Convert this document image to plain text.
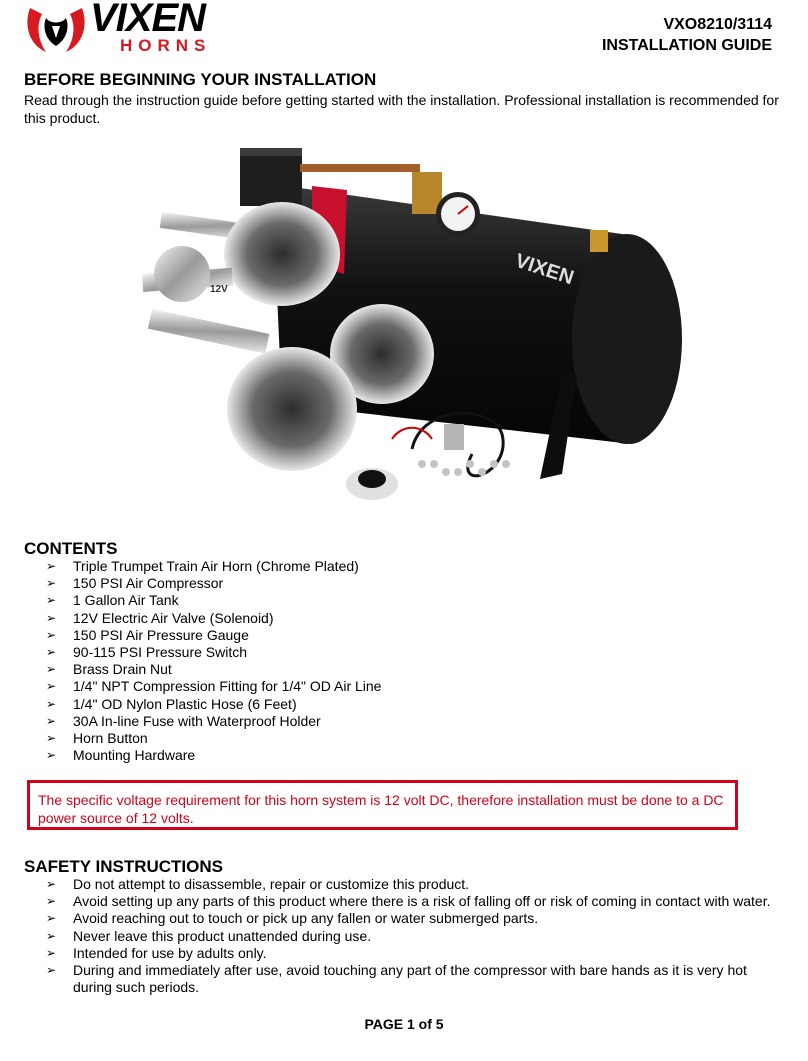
VIXEN
HORNS
VXO8210/3114
INSTALLATION GUIDE
BEFORE BEGINNING YOUR INSTALLATION
Read through the instruction guide before getting started with the installation. Professional installation is recommended for this product.
VIXEN
12V
CONTENTS
➢ Triple Trumpet Train Air Horn (Chrome Plated)
➢ 150 PSI Air Compressor
➢ 1 Gallon Air Tank
➢ 12V Electric Air Valve (Solenoid)
➢ 150 PSI Air Pressure Gauge
➢ 90-115 PSI Pressure Switch
➢ Brass Drain Nut
➢ 1/4" NPT Compression Fitting for 1/4" OD Air Line
➢ 1/4" OD Nylon Plastic Hose (6 Feet)
➢ 30A In-line Fuse with Waterproof Holder
➢ Horn Button
➢ Mounting Hardware
The specific voltage requirement for this horn system is 12 volt DC, therefore installation must be done to a DC power source of 12 volts.
SAFETY INSTRUCTIONS
➢ Do not attempt to disassemble, repair or customize this product.
➢ Avoid setting up any parts of this product where there is a risk of falling off or risk of coming in contact with water.
➢ Avoid reaching out to touch or pick up any fallen or water submerged parts.
➢ Never leave this product unattended during use.
➢ Intended for use by adults only.
➢ During and immediately after use, avoid touching any part of the compressor with bare hands as it is very hot during such periods.
PAGE 1 of 5
